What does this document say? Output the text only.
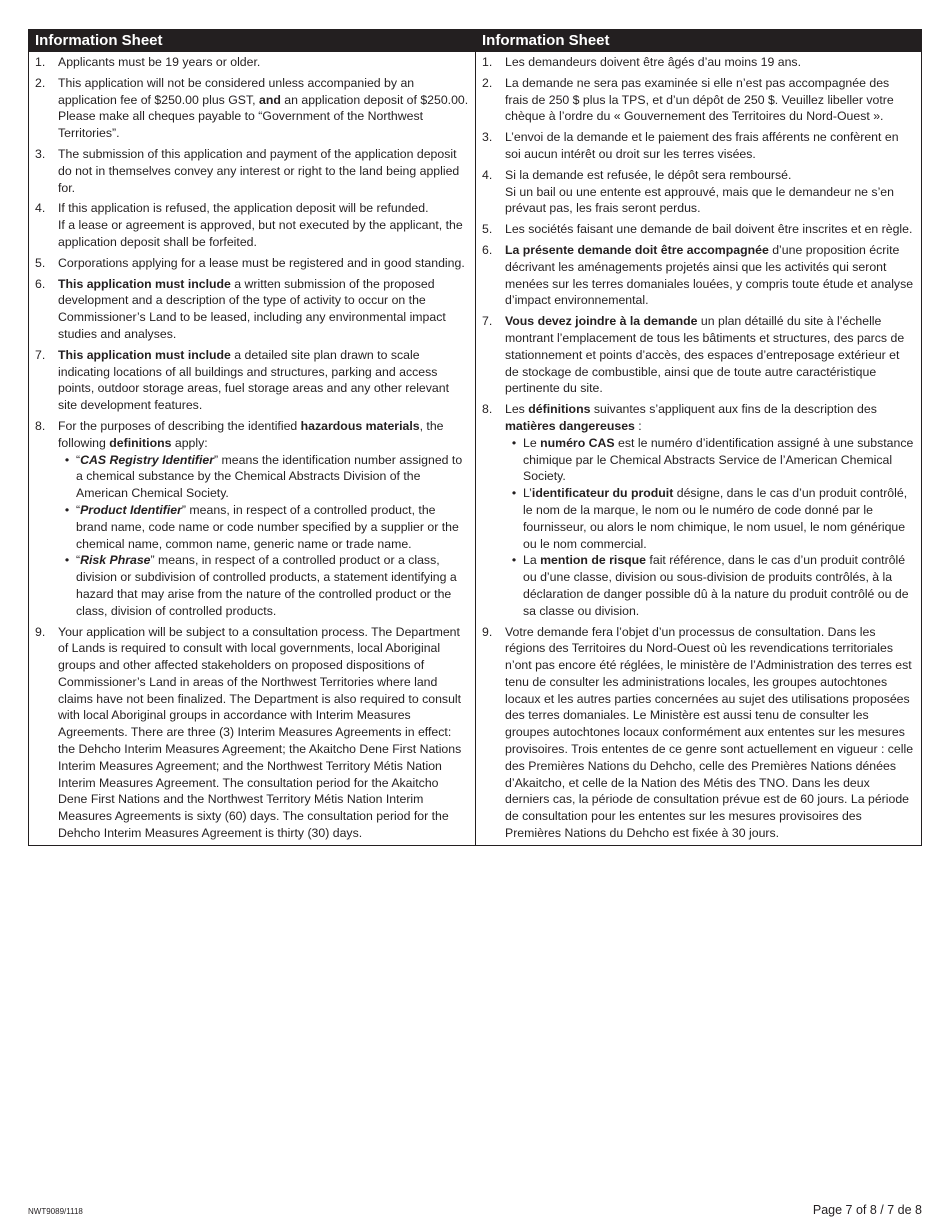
Information Sheet
1.	Applicants must be 19 years or older.
2.	This application will not be considered unless accompanied by an application fee of $250.00 plus GST, and an application deposit of $250.00. Please make all cheques payable to “Government of the Northwest Territories”.
3.	The submission of this application and payment of the application deposit do not in themselves convey any interest or right to the land being applied for.
4.	If this application is refused, the application deposit will be refunded.
If a lease or agreement is approved, but not executed by the applicant, the application deposit shall be forfeited.
5.	Corporations applying for a lease must be registered and in good standing.
6.	This application must include a written submission of the proposed development and a description of the type of activity to occur on the Commissioner’s Land to be leased, including any environmental impact studies and analyses.
7.	This application must include a detailed site plan drawn to scale indicating locations of all buildings and structures, parking and access points, outdoor storage areas, fuel storage areas and any other relevant site development features.
8.	For the purposes of describing the identified hazardous materials, the following definitions apply:
• “CAS Registry Identifier” means the identification number assigned to a chemical substance by the Chemical Abstracts Division of the American Chemical Society.
• “Product Identifier” means, in respect of a controlled product, the brand name, code name or code number specified by a supplier or the chemical name, common name, generic name or trade name.
• “Risk Phrase” means, in respect of a controlled product or a class, division or subdivision of controlled products, a statement identifying a hazard that may arise from the nature of the controlled product or the class, division of controlled products.
9.	Your application will be subject to a consultation process. The Department of Lands is required to consult with local governments, local Aboriginal groups and other affected stakeholders on proposed dispositions of Commissioner’s Land in areas of the Northwest Territories where land claims have not been finalized. The Department is also required to consult with local Aboriginal groups in accordance with Interim Measures Agreements. There are three (3) Interim Measures Agreements in effect: the Dehcho Interim Measures Agreement; the Akaitcho Dene First Nations Interim Measures Agreement; and the Northwest Territory Métis Nation Interim Measures Agreement. The consultation period for the Akaitcho Dene First Nations and the Northwest Territory Métis Nation Interim Measures Agreements is sixty (60) days. The consultation period for the Dehcho Interim Measures Agreement is thirty (30) days.
Information Sheet
1.	Les demandeurs doivent être âgés d’au moins 19 ans.
2.	La demande ne sera pas examinée si elle n’est pas accompagnée des frais de 250 $ plus la TPS, et d’un dépôt de 250 $. Veuillez libeller votre chèque à l’ordre du « Gouvernement des Territoires du Nord-Ouest ».
3.	L’envoi de la demande et le paiement des frais afférents ne confèrent en soi aucun intérêt ou droit sur les terres visées.
4.	Si la demande est refusée, le dépôt sera remboursé.
Si un bail ou une entente est approuvé, mais que le demandeur ne s’en prévaut pas, les frais seront perdus.
5.	Les sociétés faisant une demande de bail doivent être inscrites et en règle.
6.	La présente demande doit être accompagnée d’une proposition écrite décrivant les aménagements projetés ainsi que les activités qui seront menées sur les terres domaniales louées, y compris toute étude et analyse d’impact environnemental.
7.	Vous devez joindre à la demande un plan détaillé du site à l’échelle montrant l’emplacement de tous les bâtiments et structures, des parcs de stationnement et points d’accès, des espaces d’entreposage extérieur et de stockage de combustible, ainsi que de toute autre caractéristique pertinente du site.
8.	Les définitions suivantes s’appliquent aux fins de la description des matières dangereuses :
• Le numéro CAS est le numéro d’identification assigné à une substance chimique par le Chemical Abstracts Service de l’American Chemical Society.
• L’identificateur du produit désigne, dans le cas d’un produit contrôlé, le nom de la marque, le nom ou le numéro de code donné par le fournisseur, ou alors le nom chimique, le nom usuel, le nom générique ou le nom commercial.
• La mention de risque fait référence, dans le cas d’un produit contrôlé ou d’une classe, division ou sous-division de produits contrôlés, à la déclaration de danger possible dû à la nature du produit contrôlé ou de sa classe ou division.
9.	Votre demande fera l’objet d’un processus de consultation. Dans les régions des Territoires du Nord-Ouest où les revendications territoriales n’ont pas encore été réglées, le ministère de l’Administration des terres est tenu de consulter les administrations locales, les groupes autochtones locaux et les autres parties concernées au sujet des utilisations proposées des terres domaniales. Le Ministère est aussi tenu de consulter les groupes autochtones locaux conformément aux ententes sur les mesures provisoires. Trois ententes de ce genre sont actuellement en vigueur : celle des Premières Nations du Dehcho, celle des Premières Nations dénées d’Akaitcho, et celle de la Nation des Métis des TNO. Dans les deux derniers cas, la période de consultation prévue est de 60 jours. La période de consultation pour les ententes sur les mesures provisoires des Premières Nations du Dehcho est fixée à 30 jours.
NWT9089/1118	Page 7 of 8 / 7 de 8
